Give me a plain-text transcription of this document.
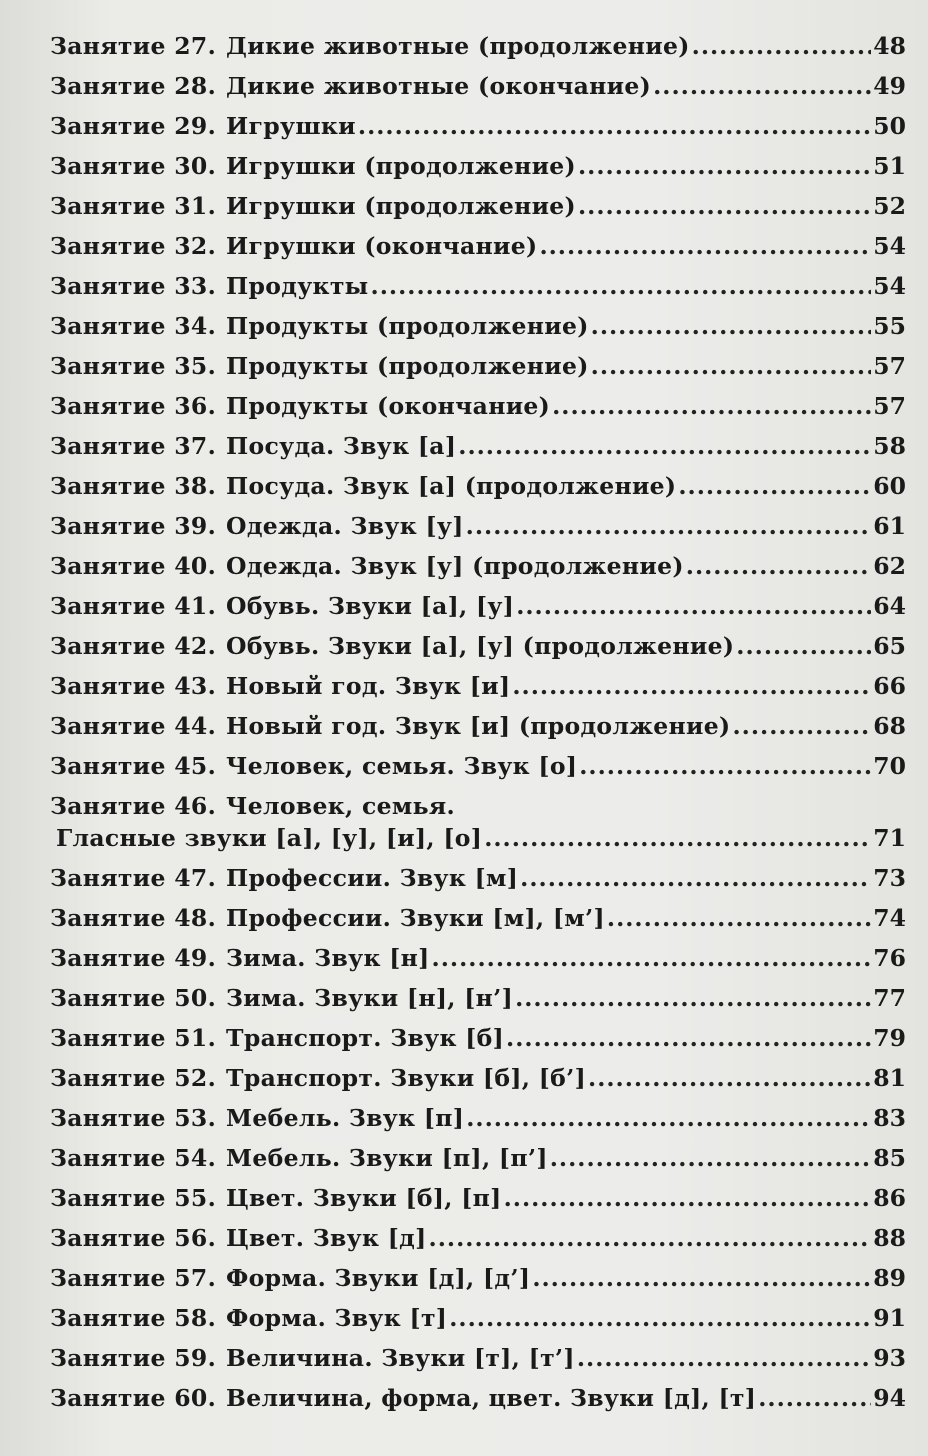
Занятие 27. Дикие животные (продолжение) .....	48
Занятие 28. Дикие животные (окончание) .....	49
Занятие 29. Игрушки .....	50
Занятие 30. Игрушки (продолжение) .....	51
Занятие 31. Игрушки (продолжение) .....	52
Занятие 32. Игрушки (окончание) .....	54
Занятие 33. Продукты .....	54
Занятие 34. Продукты (продолжение) .....	55
Занятие 35. Продукты (продолжение) .....	57
Занятие 36. Продукты (окончание) .....	57
Занятие 37. Посуда. Звук [а] .....	58
Занятие 38. Посуда. Звук [а] (продолжение) .....	60
Занятие 39. Одежда. Звук [у] .....	61
Занятие 40. Одежда. Звук [у] (продолжение) .....	62
Занятие 41. Обувь. Звуки [а], [у] .....	64
Занятие 42. Обувь. Звуки [а], [у] (продолжение) .....	65
Занятие 43. Новый год. Звук [и] .....	66
Занятие 44. Новый год. Звук [и] (продолжение) .....	68
Занятие 45. Человек, семья. Звук [о] .....	70
Занятие 46. Человек, семья.
Гласные звуки [а], [у], [и], [о] .....	71
Занятие 47. Профессии. Звук [м] .....	73
Занятие 48. Профессии. Звуки [м], [м’] .....	74
Занятие 49. Зима. Звук [н] .....	76
Занятие 50. Зима. Звуки [н], [н’] .....	77
Занятие 51. Транспорт. Звук [б] .....	79
Занятие 52. Транспорт. Звуки [б], [б’] .....	81
Занятие 53. Мебель. Звук [п] .....	83
Занятие 54. Мебель. Звуки [п], [п’] .....	85
Занятие 55. Цвет. Звуки [б], [п] .....	86
Занятие 56. Цвет. Звук [д] .....	88
Занятие 57. Форма. Звуки [д], [д’] .....	89
Занятие 58. Форма. Звук [т] .....	91
Занятие 59. Величина. Звуки [т], [т’] .....	93
Занятие 60. Величина, форма, цвет. Звуки [д], [т] .....	94
